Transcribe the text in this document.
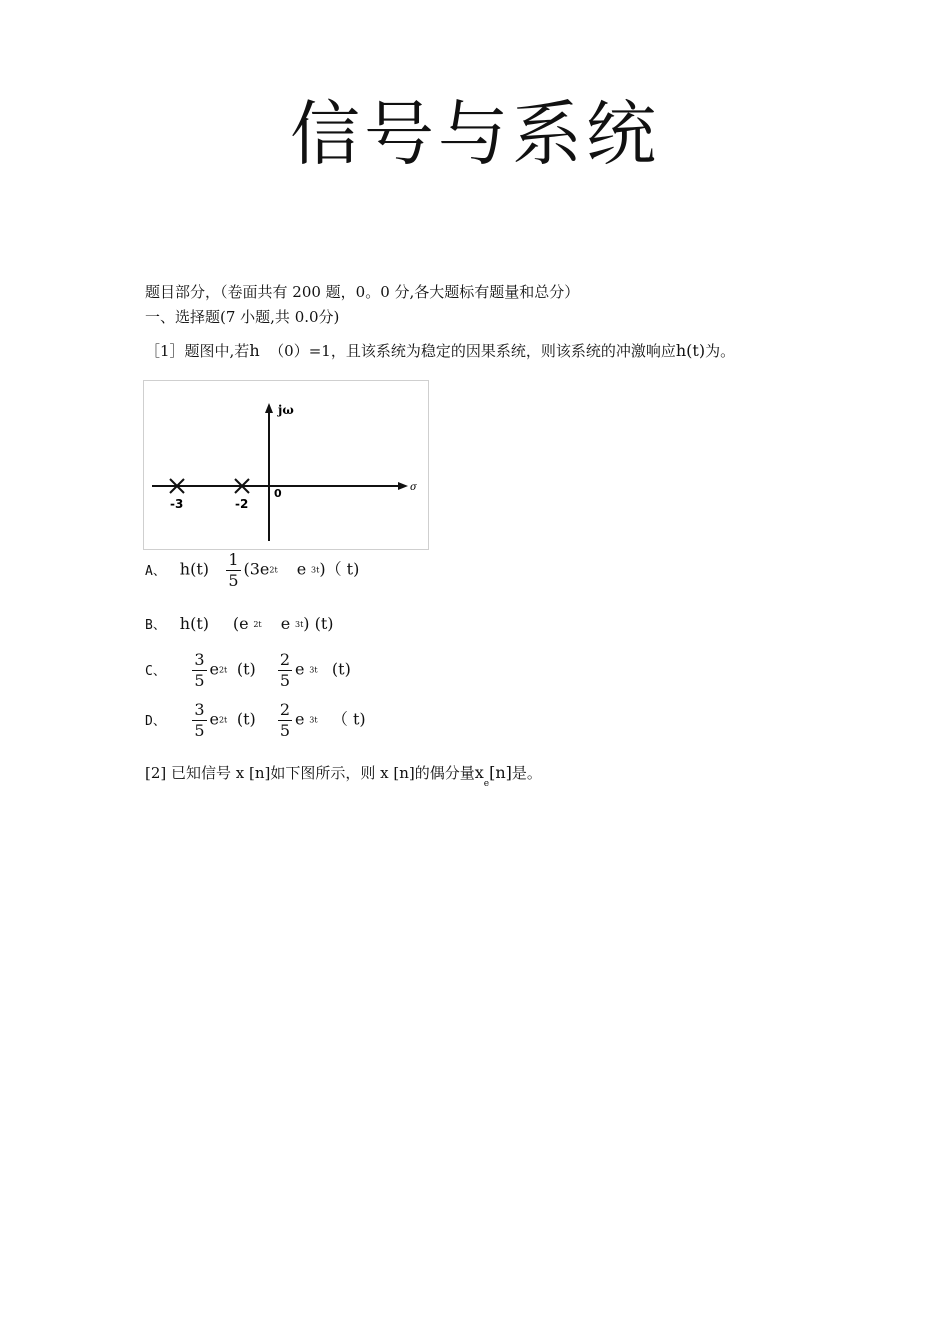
信号与系统
题目部分，（卷面共有 200 题，0。0 分,各大题标有题量和总分）
一、选择题(7 小题,共 0.0分)
［1］题图中,若h （0）=1，且该系统为稳定的因果系统，则该系统的冲激响应h(t)为。
jω
σ
0
-3	-2
A、 $h(t) \frac{1}{5} (3e2t$ e 3t)（ t)
B、 h(t) (e 2t e 3t) (t)
C、 $\frac{3}{5} e2t$ $(t) \frac{2}{5}$ e 3t (t)
D、 $\frac{3}{5} e2t$ $(t) \frac{2}{5}$ e 3t （ t)
[2] 已知信号 x [n]如下图所示，则 x [n]的偶分量$x_e[n]$是。
